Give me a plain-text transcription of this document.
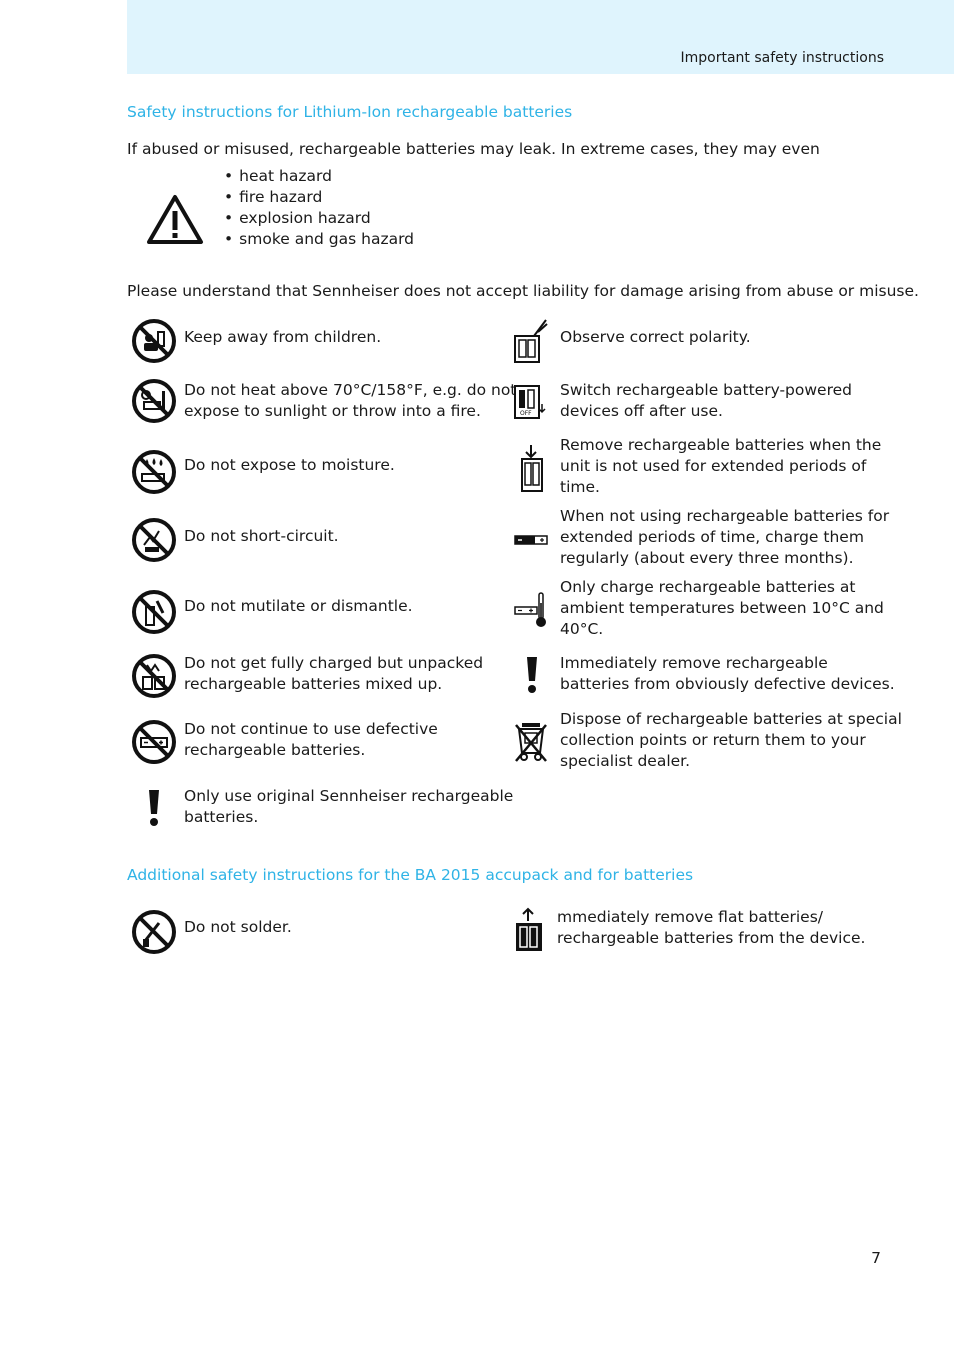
Important safety instructions
Safety instructions for Lithium-Ion rechargeable batteries
If abused or misused, rechargeable batteries may leak. In extreme cases, they may even
• heat hazard
• fire hazard
• explosion hazard
• smoke and gas hazard
Please understand that Sennheiser does not accept liability for damage arising from abuse or misuse.
Keep away from children.
Do not heat above 70°C/158°F, e.g. do not
expose to sunlight or throw into a fire.
Do not expose to moisture.
Do not short-circuit.
Do not mutilate or dismantle.
Do not get fully charged but unpacked
rechargeable batteries mixed up.
Do not continue to use defective
rechargeable batteries.
Only use original Sennheiser rechargeable
batteries.
Observe correct polarity.
OFF
Switch rechargeable battery-powered
devices off after use.
Remove rechargeable batteries when the
unit is not used for extended periods of
time.
When not using rechargeable batteries for
extended periods of time, charge them
regularly (about every three months).
Only charge rechargeable batteries at
ambient temperatures between 10°C and
40°C.
Immediately remove rechargeable
batteries from obviously defective devices.
Dispose of rechargeable batteries at special
collection points or return them to your
specialist dealer.
Additional safety instructions for the BA 2015 accupack and for batteries
Do not solder.
mmediately remove flat batteries/
rechargeable batteries from the device.
7
